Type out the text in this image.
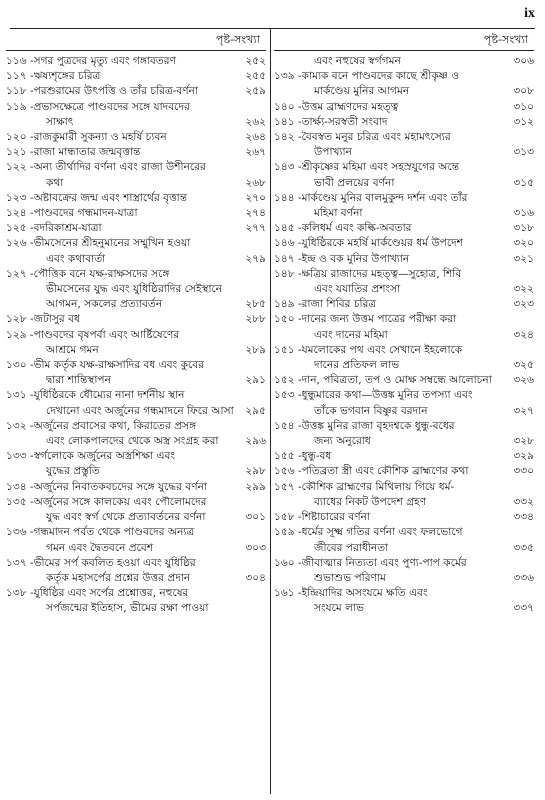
ix
পৃষ্ট-সংখ্যা
১১৬ - সগর পুত্রদের মৃত্যু এবং গঙ্গাবতরণ	২৫২
১১৭ - ঋষ্যশৃঙ্গের চরিত্র	২৫৫
১১৮ - পরশুরামের উৎপত্তি ও তাঁর চরিত্র-বর্ণনা	২৫৯
১১৯ - প্রভাসক্ষেত্রে পাণ্ডবদের সঙ্গে যাদবদের
সাক্ষাৎ	২৬২
১২০ - রাজকুমারী সুকন্যা ও মহর্ষি চ্যবন	২৬৪
১২১ - রাজা মান্ধাতার জন্মবৃত্তান্ত	২৬৭
১২২ - অন্য তীর্থাদির বর্ণনা এবং রাজা উশীনরের
কথা	২৬৮
১২৩ - অষ্টাবক্রের জন্ম এবং শাস্ত্রার্থের বৃত্তান্ত	২৭০
১২৪ - পাণ্ডবদের গন্ধমাদন-যাত্রা	২৭৪
১২৫ - বদরিকাশ্রম-যাত্রা	২৭৭
১২৬ - ভীমসেনের শ্রীহনুমানের সম্মুখিন হওয়া
এবং কথাবার্তা	২৭৯
১২৭ - পৌত্তিক বনে যক্ষ-রাক্ষসদের সঙ্গে
ভীমসেনের যুদ্ধ এবং যুধিষ্ঠিরাদির সেইস্থানে
আগমন, সকলের প্রত্যাবর্তন	২৮৫
১২৮ - জটাসুর বধ	২৮৮
১২৯ - পাণ্ডবদের বৃষপর্বা এবং আর্ষ্টিষেণের
আশ্রমে গমন	২৮৯
১৩০ - ভীম কর্তৃক যক্ষ-রাক্ষসাদির বধ এবং কুবের
দ্বারা শান্তিস্থাপন	২৯১
১৩১ - যুধিষ্ঠিরকে ধৌম্যের নানা দর্শনীয় স্থান
দেখানো এবং অর্জুনের গন্ধমাদনে ফিরে আসা	২৯৫
১৩২ - অর্জুনের প্রবাসের কথা, কিরাতের প্রসঙ্গ
এবং লোকপালদের থেকে অস্ত্র সংগ্রহ করা	২৯৬
১৩৩ - স্বর্গলোকে অর্জুনের অস্ত্রশিক্ষা এবং
যুদ্ধের প্রস্তুতি	২৯৮
১৩৪ - অর্জুনের নিবাতকবচদের সঙ্গে যুদ্ধের বর্ণনা	২৯৯
১৩৫ - অর্জুনের সঙ্গে কালকেয় এবং পৌলোমদের
যুদ্ধ এবং স্বর্গ থেকে প্রত্যাবর্তনের বর্ণনা	৩০১
১৩৬ - গন্ধমাদন পর্বত থেকে পাণ্ডবদের অন্যত্র
গমন এবং দ্বৈতবনে প্রবেশ	৩০৩
১৩৭ - ভীমের সর্প কবলিত হওয়া এবং যুধিষ্ঠির
কর্তৃক মহাসর্পের প্রশ্নের উত্তর প্রদান	৩০৪
১৩৮ - যুধিষ্ঠির এবং সর্পের প্রশ্নোত্তর, নহুষের
সর্পজন্মের ইতিহাস, ভীমের রক্ষা পাওয়া
পৃষ্ট-সংখ্যা
এবং নহুষের স্বর্গগমন	৩০৬
১৩৯ - কাম্যক বনে পাণ্ডবদের কাছে শ্রীকৃষ্ণ ও
মার্কণ্ডেয় মুনির আগমন	৩০৮
১৪০ - উত্তম ব্রাহ্মণদের মহত্ত্ব	৩১০
১৪১ - তার্ক্ষ্য-সরস্বতী সংবাদ	৩১২
১৪২ - বৈবস্বত মনুর চরিত্র এবং মহামৎস্যের
উপাখ্যান	৩১৩
১৪৩ - শ্রীকৃষ্ণের মহিমা এবং সহস্রযুগের অন্তে
ভাবী প্রলয়ের বর্ণনা	৩১৫
১৪৪ - মার্কণ্ডেয় মুনির বালমুকুন্দ দর্শন এবং তাঁর
মহিমা বর্ণনা	৩১৬
১৪৫ - কলিধর্ম এবং কল্কি-অবতার	৩১৮
১৪৬ - যুধিষ্ঠিরকে মহর্ষি মার্কণ্ডেয়র ধর্ম উপদেশ	৩২০
১৪৭ - ইন্দ্র ও বক মুনির উপাখ্যান	৩২১
১৪৮ - ক্ষত্রিয় রাজাদের মহত্ত্ব—সুহোত্র, শিবি
এবং যযাতির প্রশংসা	৩২২
১৪৯ - রাজা শিবির চরিত্র	৩২৩
১৫০ - দানের জন্য উত্তম পাত্রের পরীক্ষা করা
এবং দানের মহিমা	৩২৪
১৫১ - যমলোকের পথ এবং সেখানে ইহলোকে
দানের প্রতিফল লাভ	৩২৫
১৫২ - দান, পবিত্রতা, তপ ও মোক্ষ সম্বন্ধে আলোচনা	৩২৬
১৫৩ - ধুন্ধুমারের কথা—উত্তঙ্ক মুনির তপস্যা এবং
তাঁকে ভগবান বিষ্ণুর বরদান	৩২৭
১৫৪ - উত্তঙ্ক মুনির রাজা বৃহদশ্বকে ধুন্ধু-বধের
জন্য অনুরোধ	৩২৮
১৫৫ - ধুন্ধু-বধ	৩২৯
১৫৬ - পতিব্রতা স্ত্রী এবং কৌশিক ব্রাহ্মণের কথা	৩৩০
১৫৭ - কৌশিক ব্রাহ্মণের মিথিলায় গিয়ে ধর্ম-
ব্যাধের নিকট উপদেশ গ্রহণ	৩৩২
১৫৮ - শিষ্টাচারের বর্ণনা	৩৩৪
১৫৯ - ধর্মের সূক্ষ্ম গতির বর্ণনা এবং ফলভোগে
জীবের পরাধীনতা	৩৩৫
১৬০ - জীবাত্মার নিত্যতা এবং পুণ্য-পাপ কর্মের
শুভাশুভ পরিণাম	৩৩৬
১৬১ - ইন্দ্রিয়াদির অসংযমে ক্ষতি এবং
সংযমে লাভ	৩৩৭
